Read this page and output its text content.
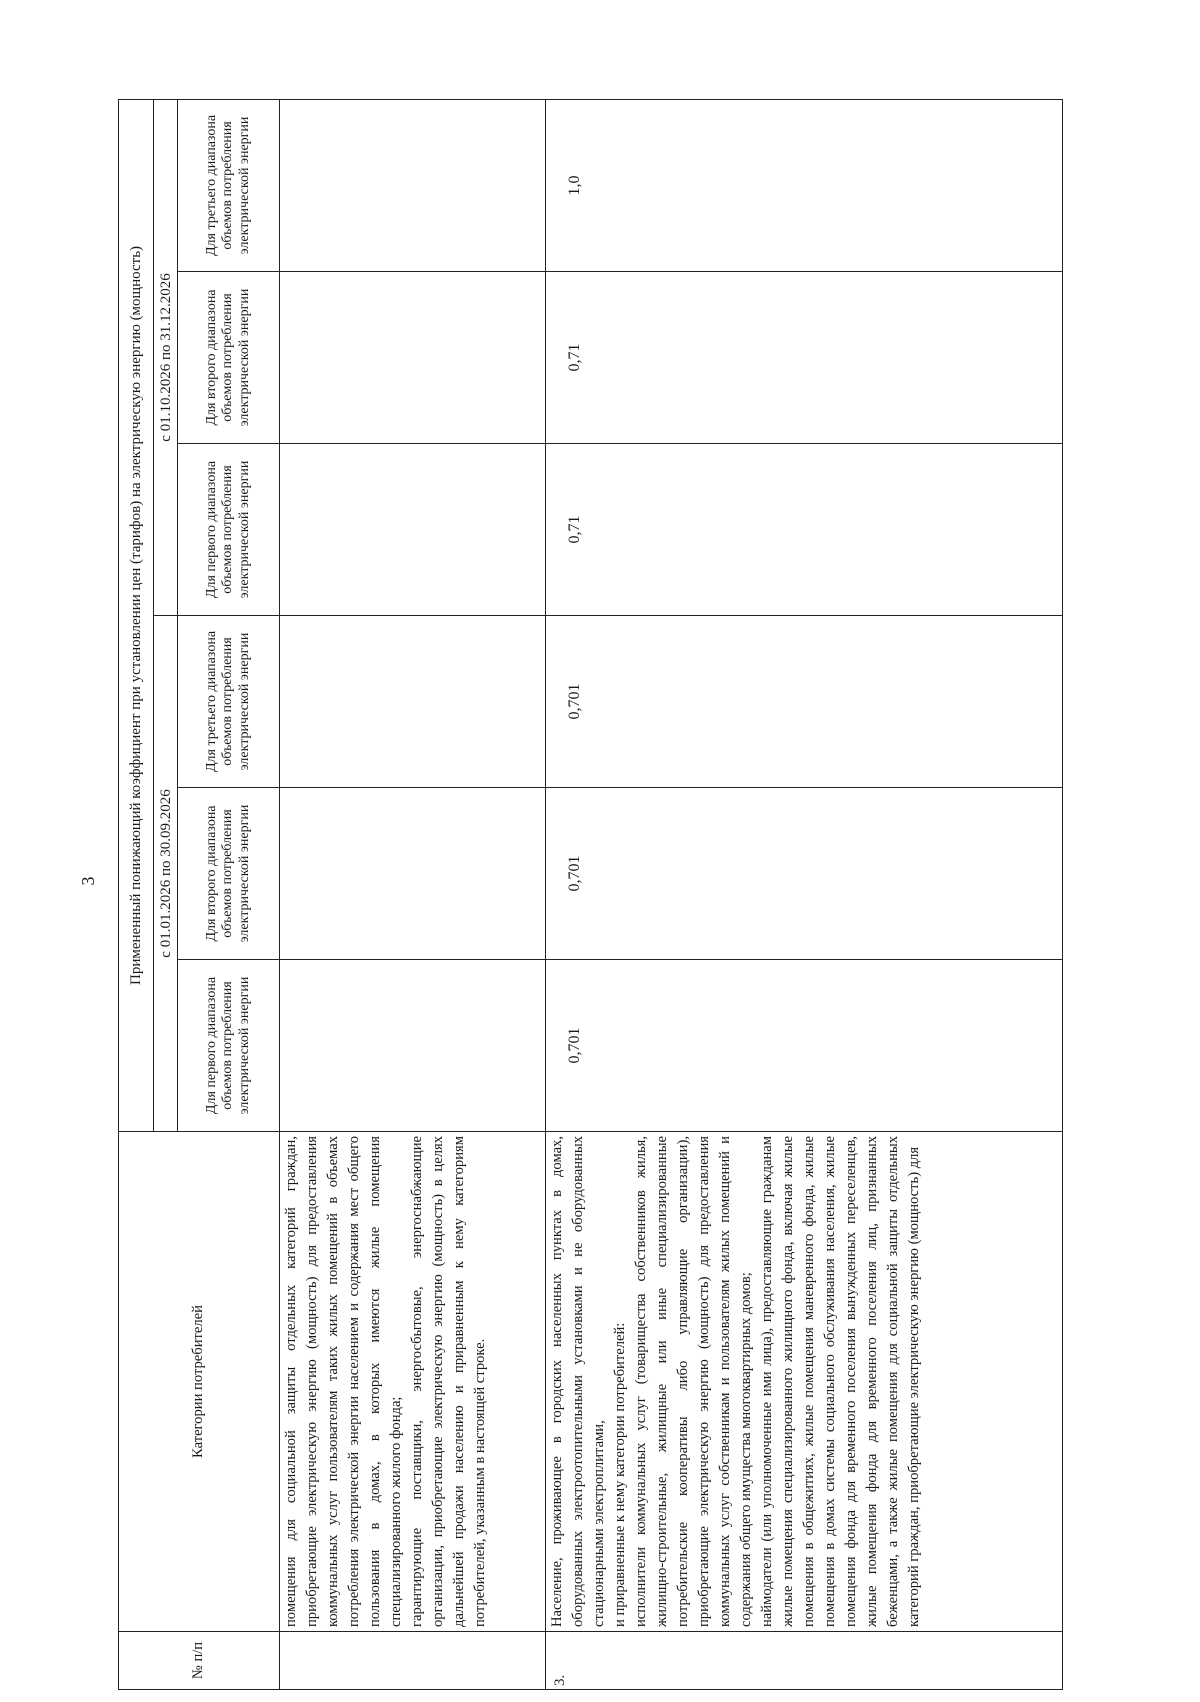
3
№ п/п	Категории потребителей	Примененный понижающий коэффициент при установлении цен (тарифов) на электрическую энергию (мощность)					
		с 01.01.2026 по 30.09.2026			с 01.10.2026 по 31.12.2026		
		Для первого диапазона объемов потребления электрической энергии	Для второго диапазона объемов потребления электрической энергии	Для третьего диапазона объемов потребления электрической энергии	Для первого диапазона объемов потребления электрической энергии	Для второго диапазона объемов потребления электрической энергии	Для третьего диапазона объемов потребления электрической энергии

	помещения для социальной защиты отдельных категорий граждан, приобретающие электрическую энергию (мощность) для предоставления коммунальных услуг пользователям таких жилых помещений в объемах потребления электрической энергии населением и содержания мест общего пользования в домах, в которых имеются жилые помещения специализированного жилого фонда; гарантирующие поставщики, энергосбытовые, энергоснабжающие организации, приобретающие электрическую энергию (мощность) в целях дальнейшей продажи населению и приравненным к нему категориям потребителей, указанным в настоящей строке.						

3.	Население, проживающее в городских населенных пунктах в домах, оборудованных электроотопительными установками и не оборудованных стационарными электроплитами, и приравненные к нему категории потребителей: исполнители коммунальных услуг (товарищества собственников жилья, жилищно-строительные, жилищные или иные специализированные потребительские кооперативы либо управляющие организации), приобретающие электрическую энергию (мощность) для предоставления коммунальных услуг собственникам и пользователям жилых помещений и содержания общего имущества многоквартирных домов; наймодатели (или уполномоченные ими лица), предоставляющие гражданам жилые помещения специализированного жилищного фонда, включая жилые помещения в общежитиях, жилые помещения маневренного фонда, жилые помещения в домах системы социального обслуживания населения, жилые помещения фонда для временного поселения вынужденных переселенцев, жилые помещения фонда для временного поселения лиц, признанных беженцами, а также жилые помещения для социальной защиты отдельных категорий граждан, приобретающие электрическую энергию (мощность) для	0,701	0,701	0,701	0,71	0,71	1,0
